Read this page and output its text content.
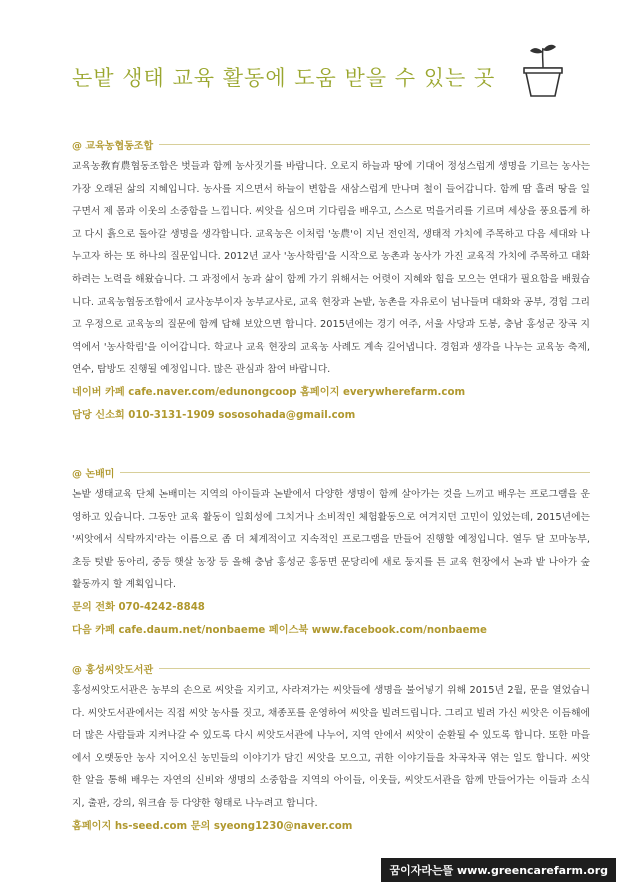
논밭 생태 교육 활동에 도움 받을 수 있는 곳
@ 교육농협동조합
교육농敎育農협동조합은 벗들과 함께 농사짓기를 바랍니다. 오로지 하늘과 땅에 기대어 정성스럽게 생명을 기르는 농사는 가장 오래된 삶의 지혜입니다. 농사를 지으면서 하늘이 변함을 새삼스럽게 만나며 철이 들어갑니다. 함께 땀 흘려 땅을 일구면서 제 몸과 이웃의 소중함을 느낍니다. 씨앗을 심으며 기다림을 배우고, 스스로 먹을거리를 기르며 세상을 풍요롭게 하고 다시 흙으로 돌아갈 생명을 생각합니다. 교육농은 이처럼 '농農'이 지닌 전인적, 생태적 가치에 주목하고 다음 세대와 나누고자 하는 또 하나의 질문입니다. 2012년 교사 '농사학림'을 시작으로 농촌과 농사가 가진 교육적 가치에 주목하고 대화하려는 노력을 해왔습니다. 그 과정에서 농과 삶이 함께 가기 위해서는 어렷이 지혜와 힘을 모으는 연대가 필요함을 배웠습니다. 교육농협동조합에서 교사농부이자 농부교사로, 교육 현장과 논밭, 농촌을 자유로이 넘나들며 대화와 공부, 경험 그리고 우정으로 교육농의 질문에 함께 답해 보았으면 합니다. 2015년에는 경기 여주, 서울 사당과 도봉, 충남 홍성군 장곡 지역에서 '농사학림'을 이어갑니다. 학교나 교육 현장의 교육농 사례도 계속 길어냅니다. 경험과 생각을 나누는 교육농 축제, 연수, 탐방도 진행될 예정입니다. 많은 관심과 참여 바랍니다.
네이버 카페 cafe.naver.com/edunongcoop 홈페이지 everywherefarm.com
담당 신소희 010-3131-1909 sososohada@gmail.com
@ 논배미
논밭 생태교육 단체 논배미는 지역의 아이들과 논밭에서 다양한 생명이 함께 살아가는 것을 느끼고 배우는 프로그램을 운영하고 있습니다. 그동안 교육 활동이 일회성에 그치거나 소비적인 체험활동으로 여겨지던 고민이 있었는데, 2015년에는 '씨앗에서 식탁까지'라는 이름으로 좀 더 체계적이고 지속적인 프로그램을 만들어 진행할 예정입니다. 열두 달 꼬마농부, 초등 텃밭 동아리, 중등 햇살 농장 등 올해 충남 홍성군 홍동면 문당리에 새로 둥지를 튼 교육 현장에서 논과 밭 나아가 숲 활동까지 할 계획입니다.
문의 전화 070-4242-8848
다음 카페 cafe.daum.net/nonbaeme 페이스북 www.facebook.com/nonbaeme
@ 홍성씨앗도서관
홍성씨앗도서관은 농부의 손으로 씨앗을 지키고, 사라져가는 씨앗들에 생명을 불어넣기 위해 2015년 2월, 문을 열었습니다. 씨앗도서관에서는 직접 씨앗 농사를 짓고, 채종포를 운영하여 씨앗을 빌려드립니다. 그리고 빌려 가신 씨앗은 이듬해에 더 많은 사람들과 지켜나갈 수 있도록 다시 씨앗도서관에 나누어, 지역 안에서 씨앗이 순환될 수 있도록 합니다. 또한 마을에서 오랫동안 농사 지어오신 농민들의 이야기가 담긴 씨앗을 모으고, 귀한 이야기들을 차곡차곡 엮는 일도 합니다. 씨앗 한 알을 통해 배우는 자연의 신비와 생명의 소중함을 지역의 아이들, 이웃들, 씨앗도서관을 함께 만들어가는 이들과 소식지, 출판, 강의, 워크숍 등 다양한 형태로 나누려고 합니다.
홈페이지 hs-seed.com 문의 syeong1230@naver.com
꿈이자라는뜰 www.greencarefarm.org
